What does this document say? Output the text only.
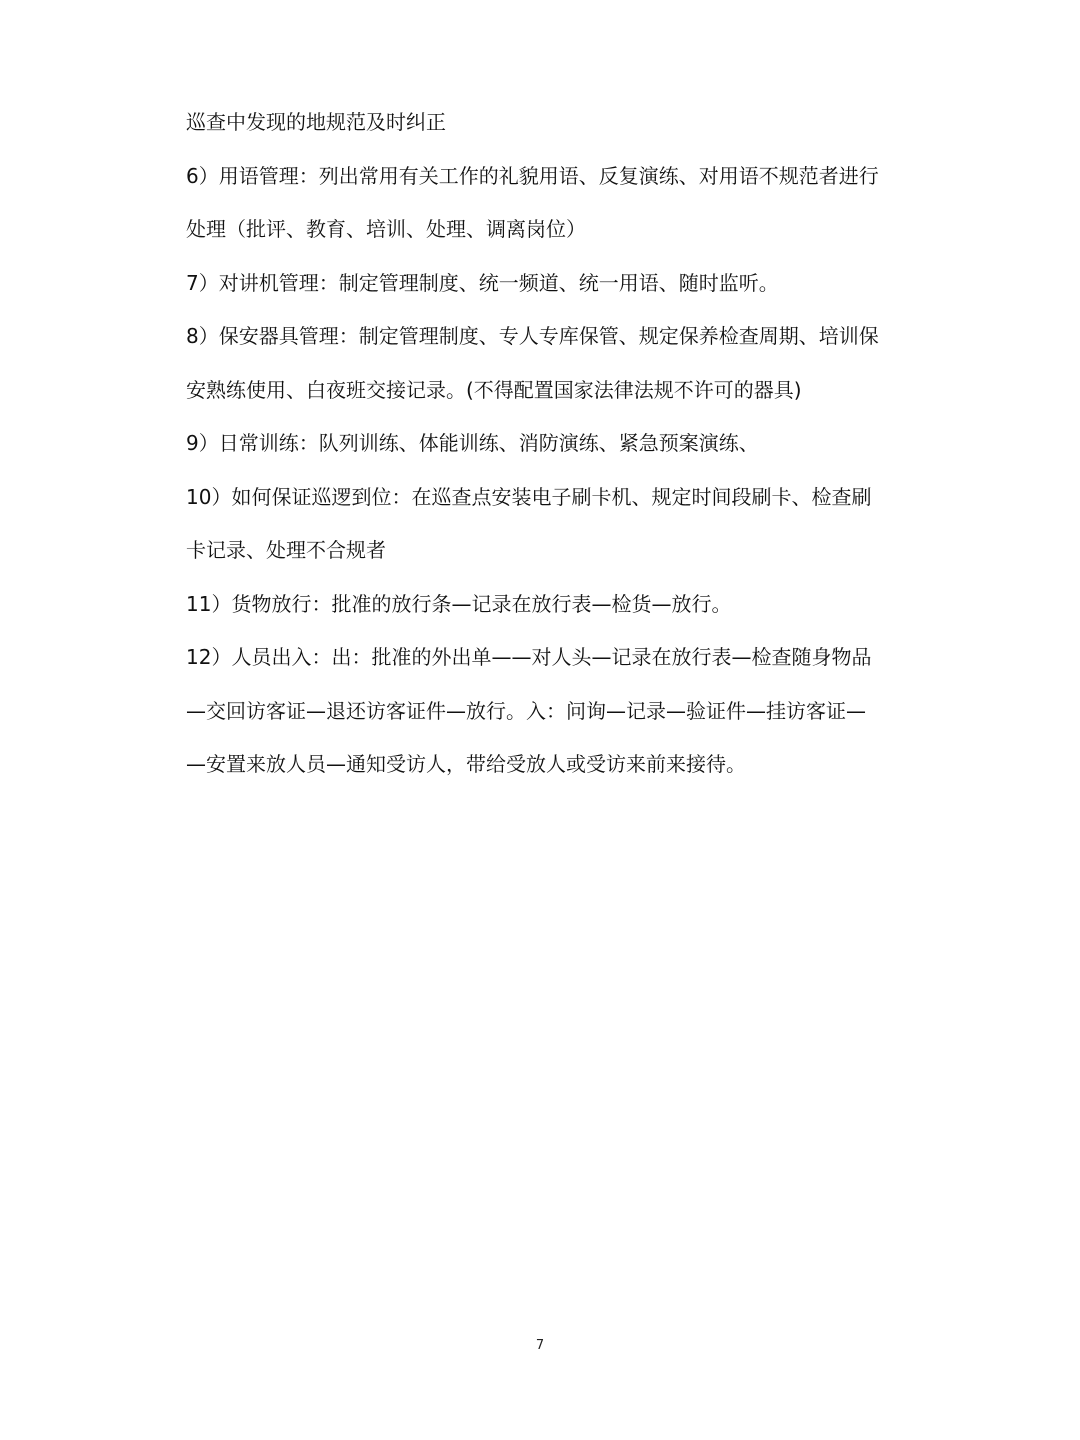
巡查中发现的地规范及时纠正
6）用语管理：列出常用有关工作的礼貌用语、反复演练、对用语不规范者进行
处理（批评、教育、培训、处理、调离岗位）
7）对讲机管理：制定管理制度、统一频道、统一用语、随时监听。
8）保安器具管理：制定管理制度、专人专库保管、规定保养检查周期、培训保
安熟练使用、白夜班交接记录。(不得配置国家法律法规不许可的器具)
9）日常训练：队列训练、体能训练、消防演练、紧急预案演练、
10）如何保证巡逻到位：在巡查点安装电子刷卡机、规定时间段刷卡、检查刷
卡记录、处理不合规者
11）货物放行：批准的放行条—记录在放行表—检货—放行。
12）人员出入：出：批准的外出单——对人头—记录在放行表—检查随身物品
—交回访客证—退还访客证件—放行。入：问询—记录—验证件—挂访客证—
—安置来放人员—通知受访人，带给受放人或受访来前来接待。
7
